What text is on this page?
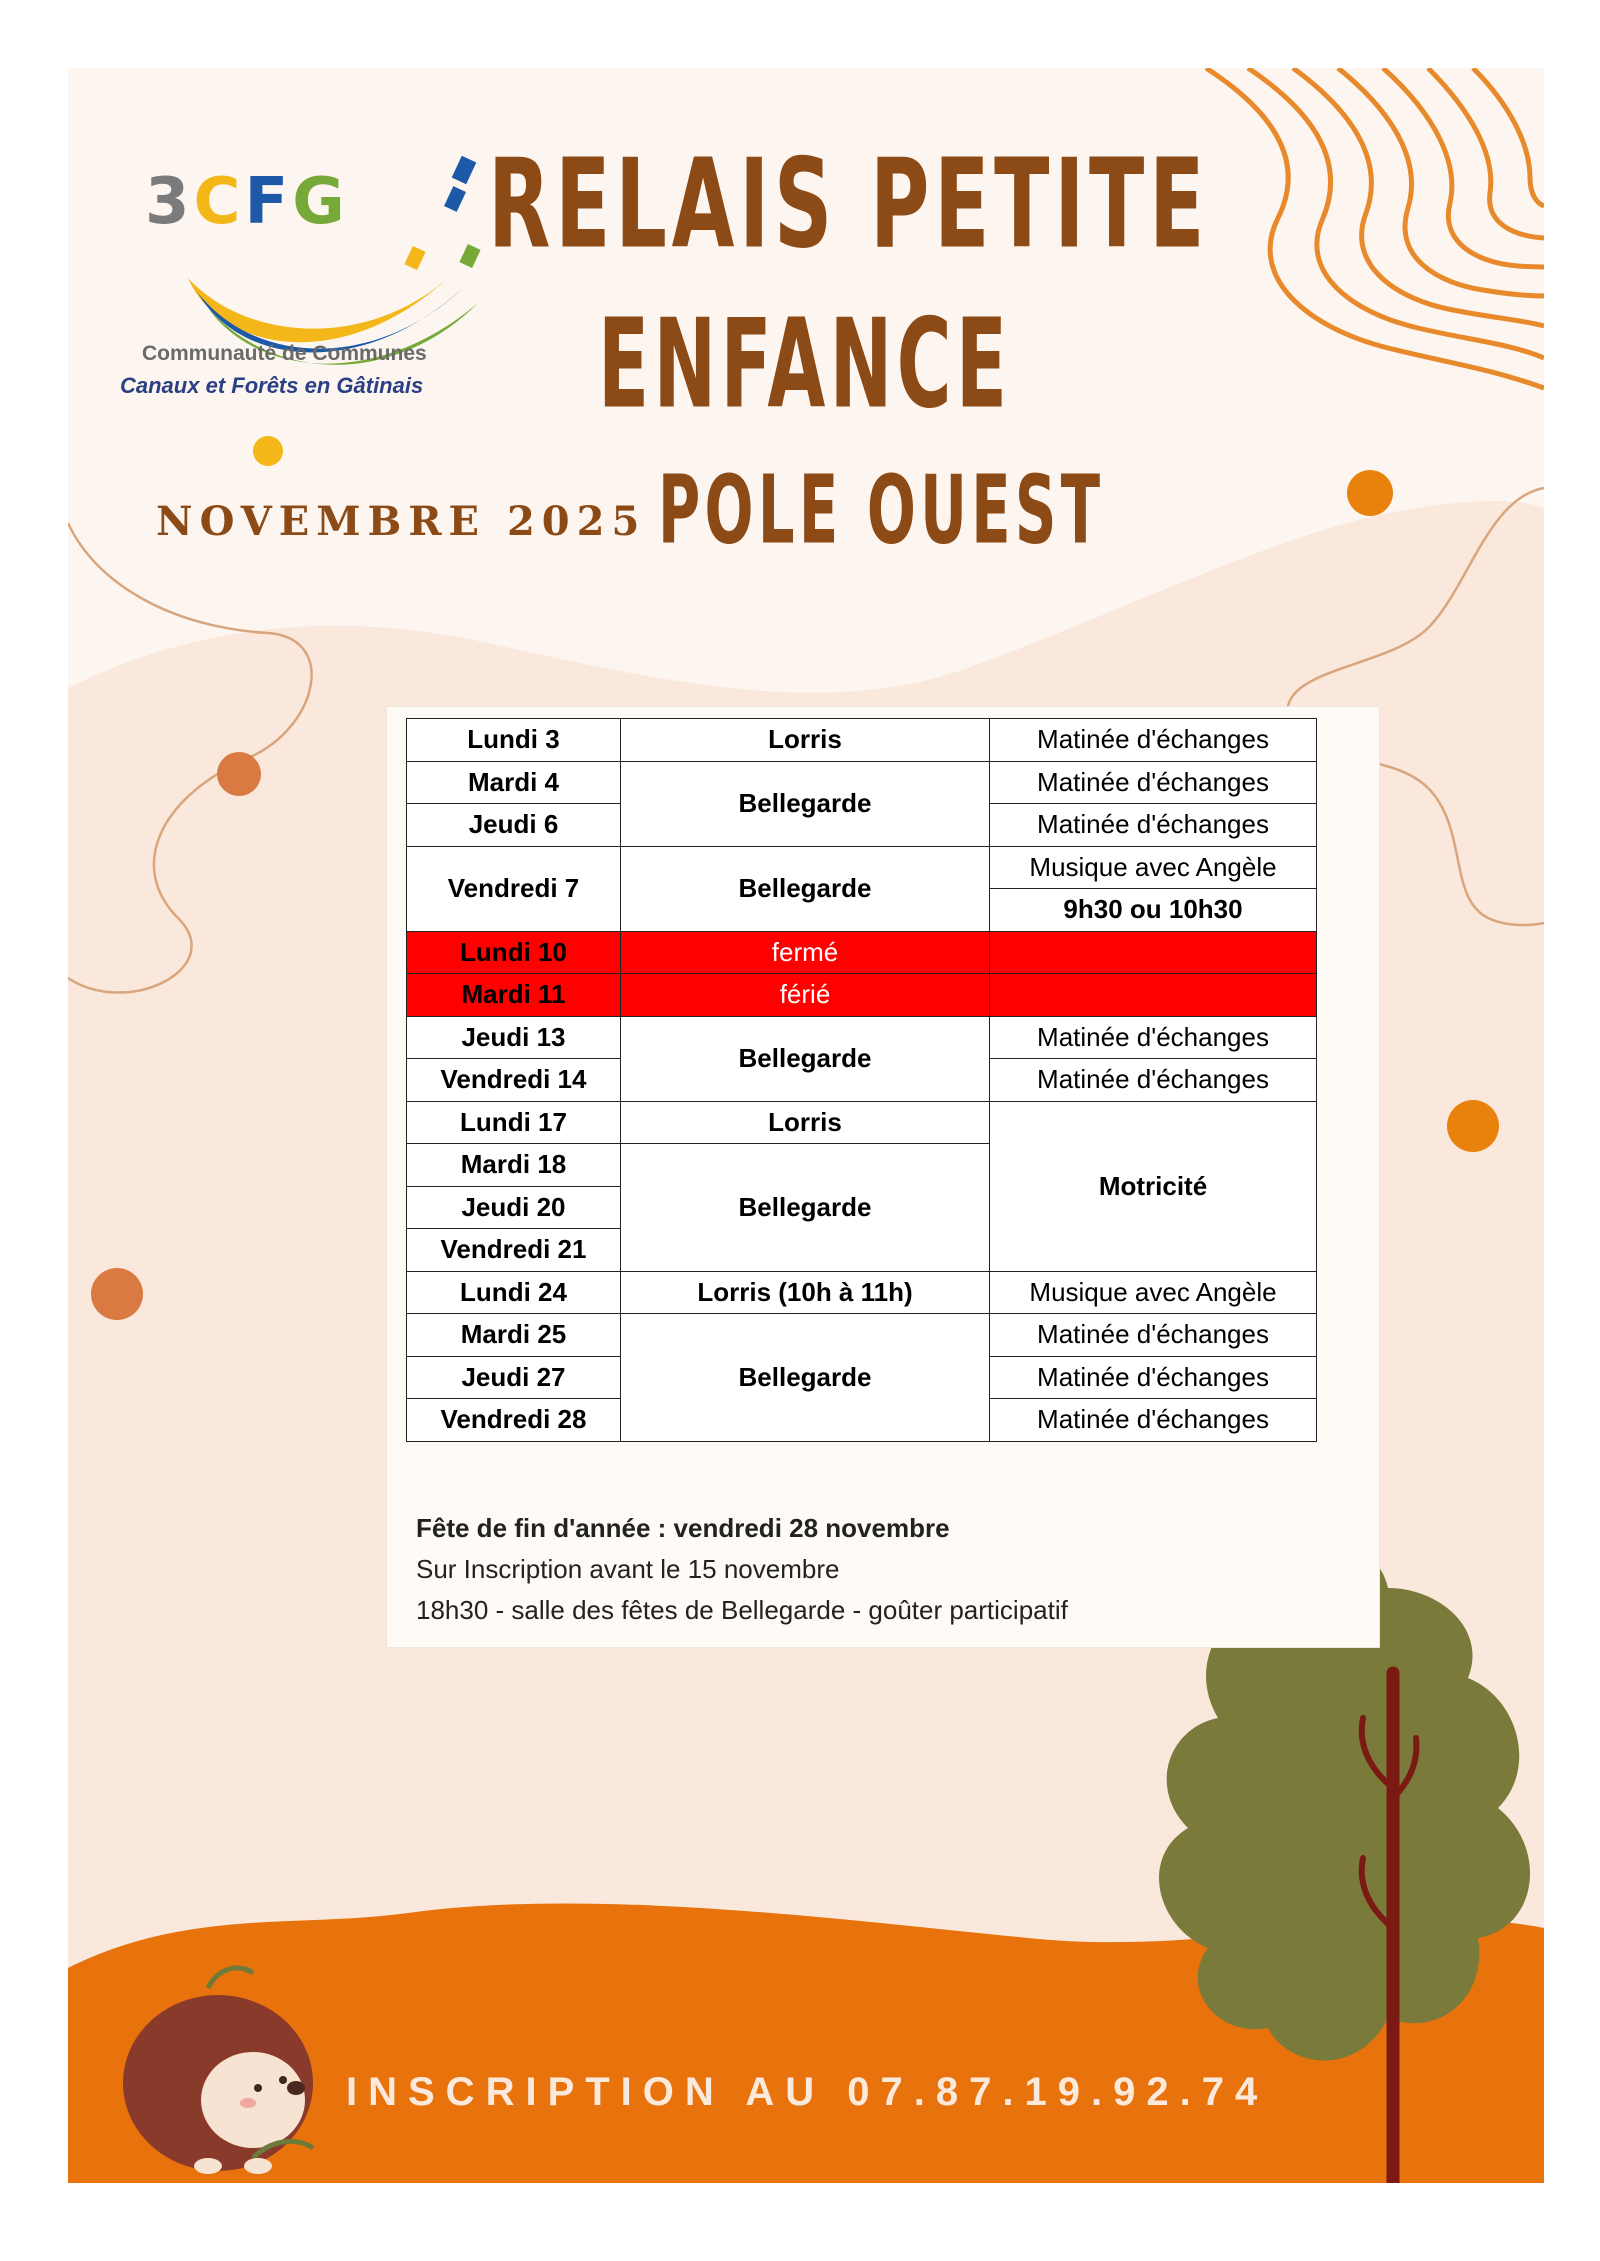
3CFG
Communauté de Communes
Canaux et Forêts en Gâtinais
RELAIS PETITE
ENFANCE
POLE OUEST
NOVEMBRE 2025
Lundi 3	Lorris	Matinée d'échanges
Mardi 4	Bellegarde	Matinée d'échanges
Jeudi 6		Matinée d'échanges
Vendredi 7	Bellegarde	Musique avec Angèle
		9h30 ou 10h30
Lundi 10	fermé	
Mardi 11	férié	
Jeudi 13	Bellegarde	Matinée d'échanges
Vendredi 14		Matinée d'échanges
Lundi 17	Lorris	Motricité
Mardi 18	Bellegarde	
Jeudi 20		
Vendredi 21		
Lundi 24	Lorris (10h à 11h)	Musique avec Angèle
Mardi 25	Bellegarde	Matinée d'échanges
Jeudi 27		Matinée d'échanges
Vendredi 28		Matinée d'échanges
Fête de fin d'année : vendredi 28 novembre
Sur Inscription avant le 15 novembre
18h30 - salle des fêtes de Bellegarde - goûter participatif
INSCRIPTION AU 07.87.19.92.74
